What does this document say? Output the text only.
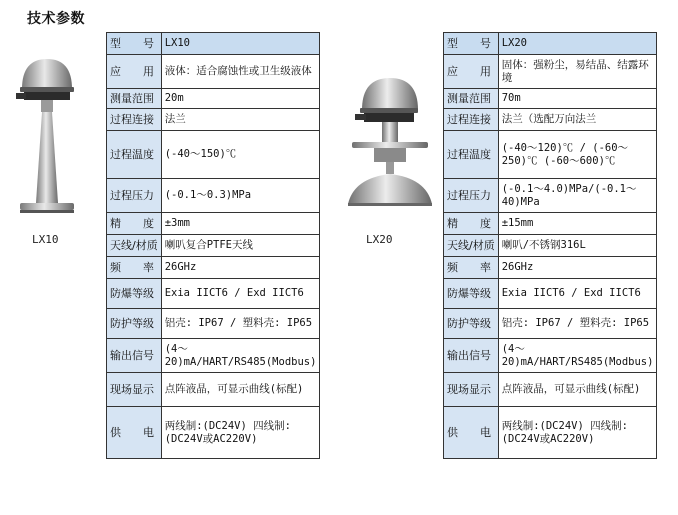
技术参数
LX10	LX20
型　　号	LX10
应　　用	液体：适合腐蚀性或卫生级液体
测量范围	20m
过程连接	法兰
过程温度	(-40～150)℃
过程压力	(-0.1～0.3)MPa
精　　度	±3mm
天线/材质	喇叭复合PTFE天线
频　　率	26GHz
防爆等级	Exia IICT6 / Exd IICT6
防护等级	铝壳: IP67 / 塑料壳: IP65
输出信号	(4～20)mA/HART/RS485(Modbus)
现场显示	点阵液晶，可显示曲线(标配)
供　　电	两线制:(DC24V) 四线制:(DC24V或AC220V)
型　　号	LX20
应　　用	固体：强粉尘，易结晶、结露环境
测量范围	70m
过程连接	法兰（选配万向法兰
过程温度	(-40～120)℃ / (-60～250)℃ (-60～600)℃
过程压力	(-0.1～4.0)MPa/(-0.1～40)MPa
精　　度	±15mm
天线/材质	喇叭/不锈钢316L
频　　率	26GHz
防爆等级	Exia IICT6 / Exd IICT6
防护等级	铝壳: IP67 / 塑料壳: IP65
输出信号	(4～20)mA/HART/RS485(Modbus)
现场显示	点阵液晶，可显示曲线(标配)
供　　电	两线制:(DC24V) 四线制:(DC24V或AC220V)
